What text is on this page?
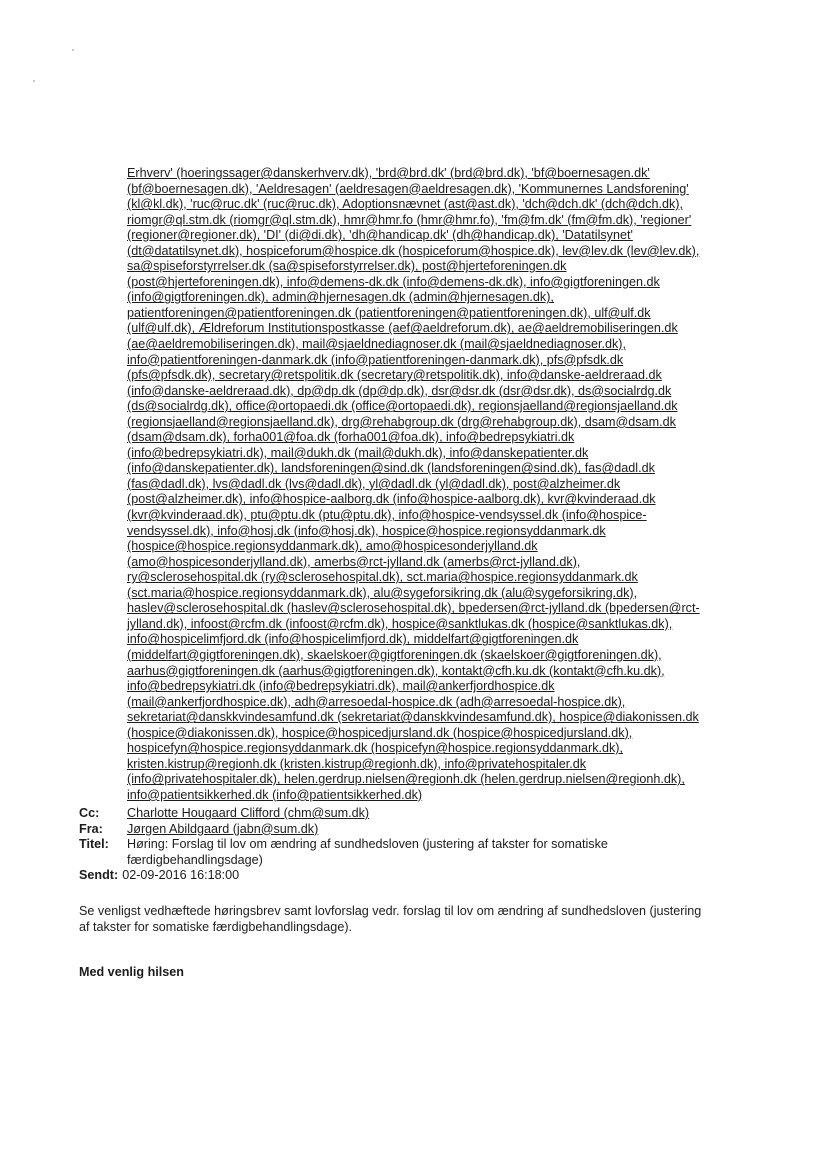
Erhverv' (hoeringssager@danskerhverv.dk), 'brd@brd.dk' (brd@brd.dk), 'bf@boernesagen.dk'
(bf@boernesagen.dk), 'Aeldresagen' (aeldresagen@aeldresagen.dk), 'Kommunernes Landsforening'
(kl@kl.dk), 'ruc@ruc.dk' (ruc@ruc.dk), Adoptionsnævnet (ast@ast.dk), 'dch@dch.dk' (dch@dch.dk),
riomgr@ql.stm.dk (riomgr@ql.stm.dk), hmr@hmr.fo (hmr@hmr.fo), 'fm@fm.dk' (fm@fm.dk), 'regioner'
(regioner@regioner.dk), 'DI' (di@di.dk), 'dh@handicap.dk' (dh@handicap.dk), 'Datatilsynet'
(dt@datatilsynet.dk), hospiceforum@hospice.dk (hospiceforum@hospice.dk), lev@lev.dk (lev@lev.dk),
sa@spiseforstyrrelser.dk (sa@spiseforstyrrelser.dk), post@hjerteforeningen.dk
(post@hjerteforeningen.dk), info@demens-dk.dk (info@demens-dk.dk), info@gigtforeningen.dk
(info@gigtforeningen.dk), admin@hjernesagen.dk (admin@hjernesagen.dk),
patientforeningen@patientforeningen.dk (patientforeningen@patientforeningen.dk), ulf@ulf.dk
(ulf@ulf.dk), Ældreforum Institutionspostkasse (aef@aeldreforum.dk), ae@aeldremobiliseringen.dk
(ae@aeldremobiliseringen.dk), mail@sjaeldnediagnoser.dk (mail@sjaeldnediagnoser.dk),
info@patientforeningen-danmark.dk (info@patientforeningen-danmark.dk), pfs@pfsdk.dk
(pfs@pfsdk.dk), secretary@retspolitik.dk (secretary@retspolitik.dk), info@danske-aeldreraad.dk
(info@danske-aeldreraad.dk), dp@dp.dk (dp@dp.dk), dsr@dsr.dk (dsr@dsr.dk), ds@socialrdg.dk
(ds@socialrdg.dk), office@ortopaedi.dk (office@ortopaedi.dk), regionsjaelland@regionsjaelland.dk
(regionsjaelland@regionsjaelland.dk), drg@rehabgroup.dk (drg@rehabgroup.dk), dsam@dsam.dk
(dsam@dsam.dk), forha001@foa.dk (forha001@foa.dk), info@bedrepsykiatri.dk
(info@bedrepsykiatri.dk), mail@dukh.dk (mail@dukh.dk), info@danskepatienter.dk
(info@danskepatienter.dk), landsforeningen@sind.dk (landsforeningen@sind.dk), fas@dadl.dk
(fas@dadl.dk), lvs@dadl.dk (lvs@dadl.dk), yl@dadl.dk (yl@dadl.dk), post@alzheimer.dk
(post@alzheimer.dk), info@hospice-aalborg.dk (info@hospice-aalborg.dk), kvr@kvinderaad.dk
(kvr@kvinderaad.dk), ptu@ptu.dk (ptu@ptu.dk), info@hospice-vendsyssel.dk (info@hospice-
vendsyssel.dk), info@hosj.dk (info@hosj.dk), hospice@hospice.regionsyddanmark.dk
(hospice@hospice.regionsyddanmark.dk), amo@hospicesonderjylland.dk
(amo@hospicesonderjylland.dk), amerbs@rct-jylland.dk (amerbs@rct-jylland.dk),
ry@sclerosehospital.dk (ry@sclerosehospital.dk), sct.maria@hospice.regionsyddanmark.dk
(sct.maria@hospice.regionsyddanmark.dk), alu@sygeforsikring.dk (alu@sygeforsikring.dk),
haslev@sclerosehospital.dk (haslev@sclerosehospital.dk), bpedersen@rct-jylland.dk (bpedersen@rct-
jylland.dk), infoost@rcfm.dk (infoost@rcfm.dk), hospice@sanktlukas.dk (hospice@sanktlukas.dk),
info@hospicelimfjord.dk (info@hospicelimfjord.dk), middelfart@gigtforeningen.dk
(middelfart@gigtforeningen.dk), skaelskoer@gigtforeningen.dk (skaelskoer@gigtforeningen.dk),
aarhus@gigtforeningen.dk (aarhus@gigtforeningen.dk), kontakt@cfh.ku.dk (kontakt@cfh.ku.dk),
info@bedrepsykiatri.dk (info@bedrepsykiatri.dk), mail@ankerfjordhospice.dk
(mail@ankerfjordhospice.dk), adh@arresoedal-hospice.dk (adh@arresoedal-hospice.dk),
sekretariat@danskkvindesamfund.dk (sekretariat@danskkvindesamfund.dk), hospice@diakonissen.dk
(hospice@diakonissen.dk), hospice@hospicedjursland.dk (hospice@hospicedjursland.dk),
hospicefyn@hospice.regionsyddanmark.dk (hospicefyn@hospice.regionsyddanmark.dk),
kristen.kistrup@regionh.dk (kristen.kistrup@regionh.dk), info@privatehospitaler.dk
(info@privatehospitaler.dk), helen.gerdrup.nielsen@regionh.dk (helen.gerdrup.nielsen@regionh.dk),
info@patientsikkerhed.dk (info@patientsikkerhed.dk)
Cc:	Charlotte Hougaard Clifford (chm@sum.dk)
Fra:	Jørgen Abildgaard (jabn@sum.dk)
Titel:	Høring: Forslag til lov om ændring af sundhedsloven (justering af takster for somatiske
færdigbehandlingsdage)
Sendt: 02-09-2016 16:18:00
Se venligst vedhæftede høringsbrev samt lovforslag vedr. forslag til lov om ændring af sundhedsloven (justering
af takster for somatiske færdigbehandlingsdage).
Med venlig hilsen
